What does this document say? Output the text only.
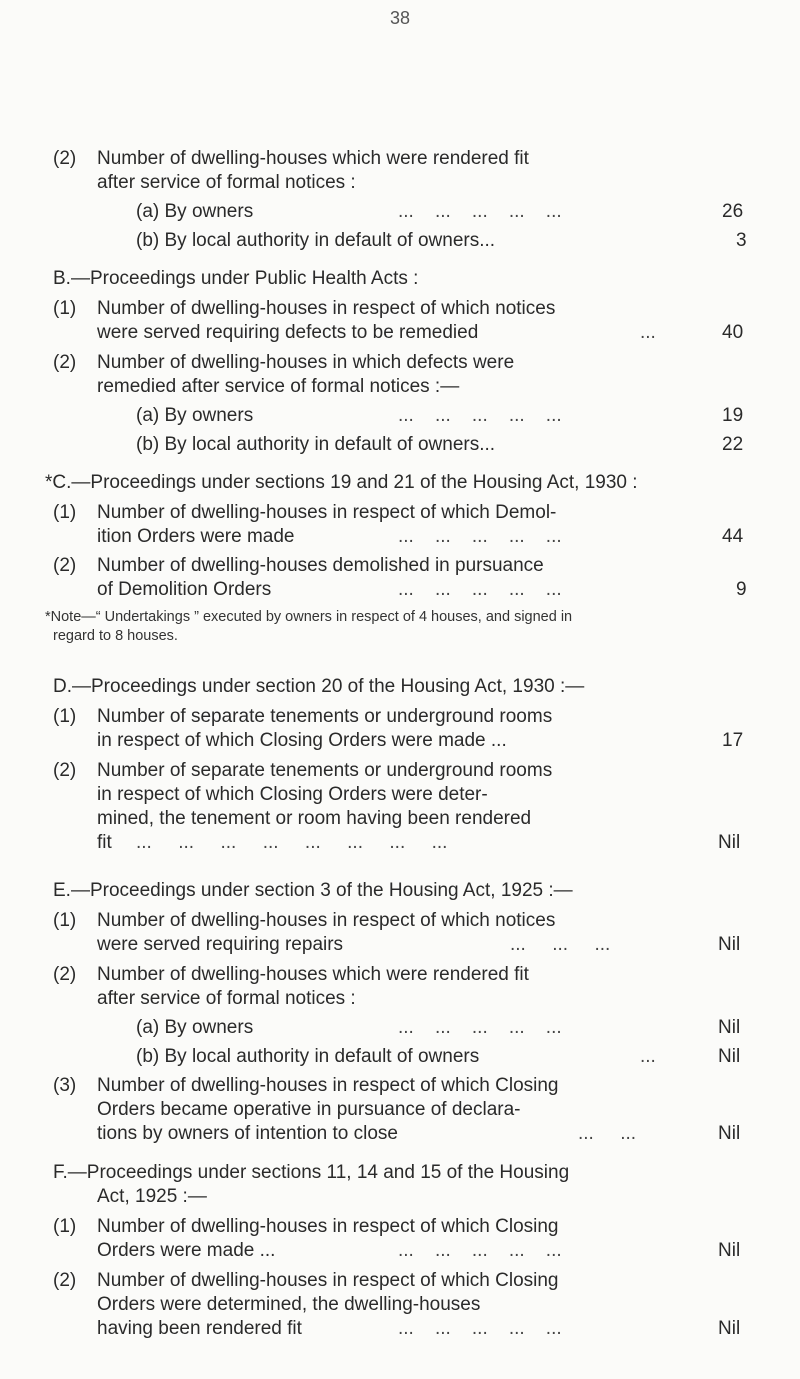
38
(2) Number of dwelling-houses which were rendered fit
after service of formal notices :
(a) By owners	...    ...    ...    ...    ...	26
(b) By local authority in default of owners...	3
B.—Proceedings under Public Health Acts :
(1) Number of dwelling-houses in respect of which notices
were served requiring defects to be remedied	...	40
(2) Number of dwelling-houses in which defects were
remedied after service of formal notices :—
(a) By owners	...    ...    ...    ...    ...	19
(b) By local authority in default of owners...	22
*C.—Proceedings under sections 19 and 21 of the Housing Act, 1930 :
(1) Number of dwelling-houses in respect of which Demol-
ition Orders were made	...    ...    ...    ...    ...	44
(2) Number of dwelling-houses demolished in pursuance
of Demolition Orders	...    ...    ...    ...    ...	9
*Note—“ Undertakings ” executed by owners in respect of 4 houses, and signed in
regard to 8 houses.
D.—Proceedings under section 20 of the Housing Act, 1930 :—
(1) Number of separate tenements or underground rooms
in respect of which Closing Orders were made ...	17
(2) Number of separate tenements or underground rooms
in respect of which Closing Orders were deter-
mined, the tenement or room having been rendered
fit ...     ...     ...     ...     ...     ...     ...     ...	Nil
E.—Proceedings under section 3 of the Housing Act, 1925 :—
(1) Number of dwelling-houses in respect of which notices
were served requiring repairs	...     ...     ...	Nil
(2) Number of dwelling-houses which were rendered fit
after service of formal notices :
(a) By owners	...    ...    ...    ...    ...	Nil
(b) By local authority in default of owners	...	Nil
(3) Number of dwelling-houses in respect of which Closing
Orders became operative in pursuance of declara-
tions by owners of intention to close	...     ...	Nil
F.—Proceedings under sections 11, 14 and 15 of the Housing
Act, 1925 :—
(1) Number of dwelling-houses in respect of which Closing
Orders were made ...	...    ...    ...    ...    ...	Nil
(2) Number of dwelling-houses in respect of which Closing
Orders were determined, the dwelling-houses
having been rendered fit	...    ...    ...    ...    ...	Nil
